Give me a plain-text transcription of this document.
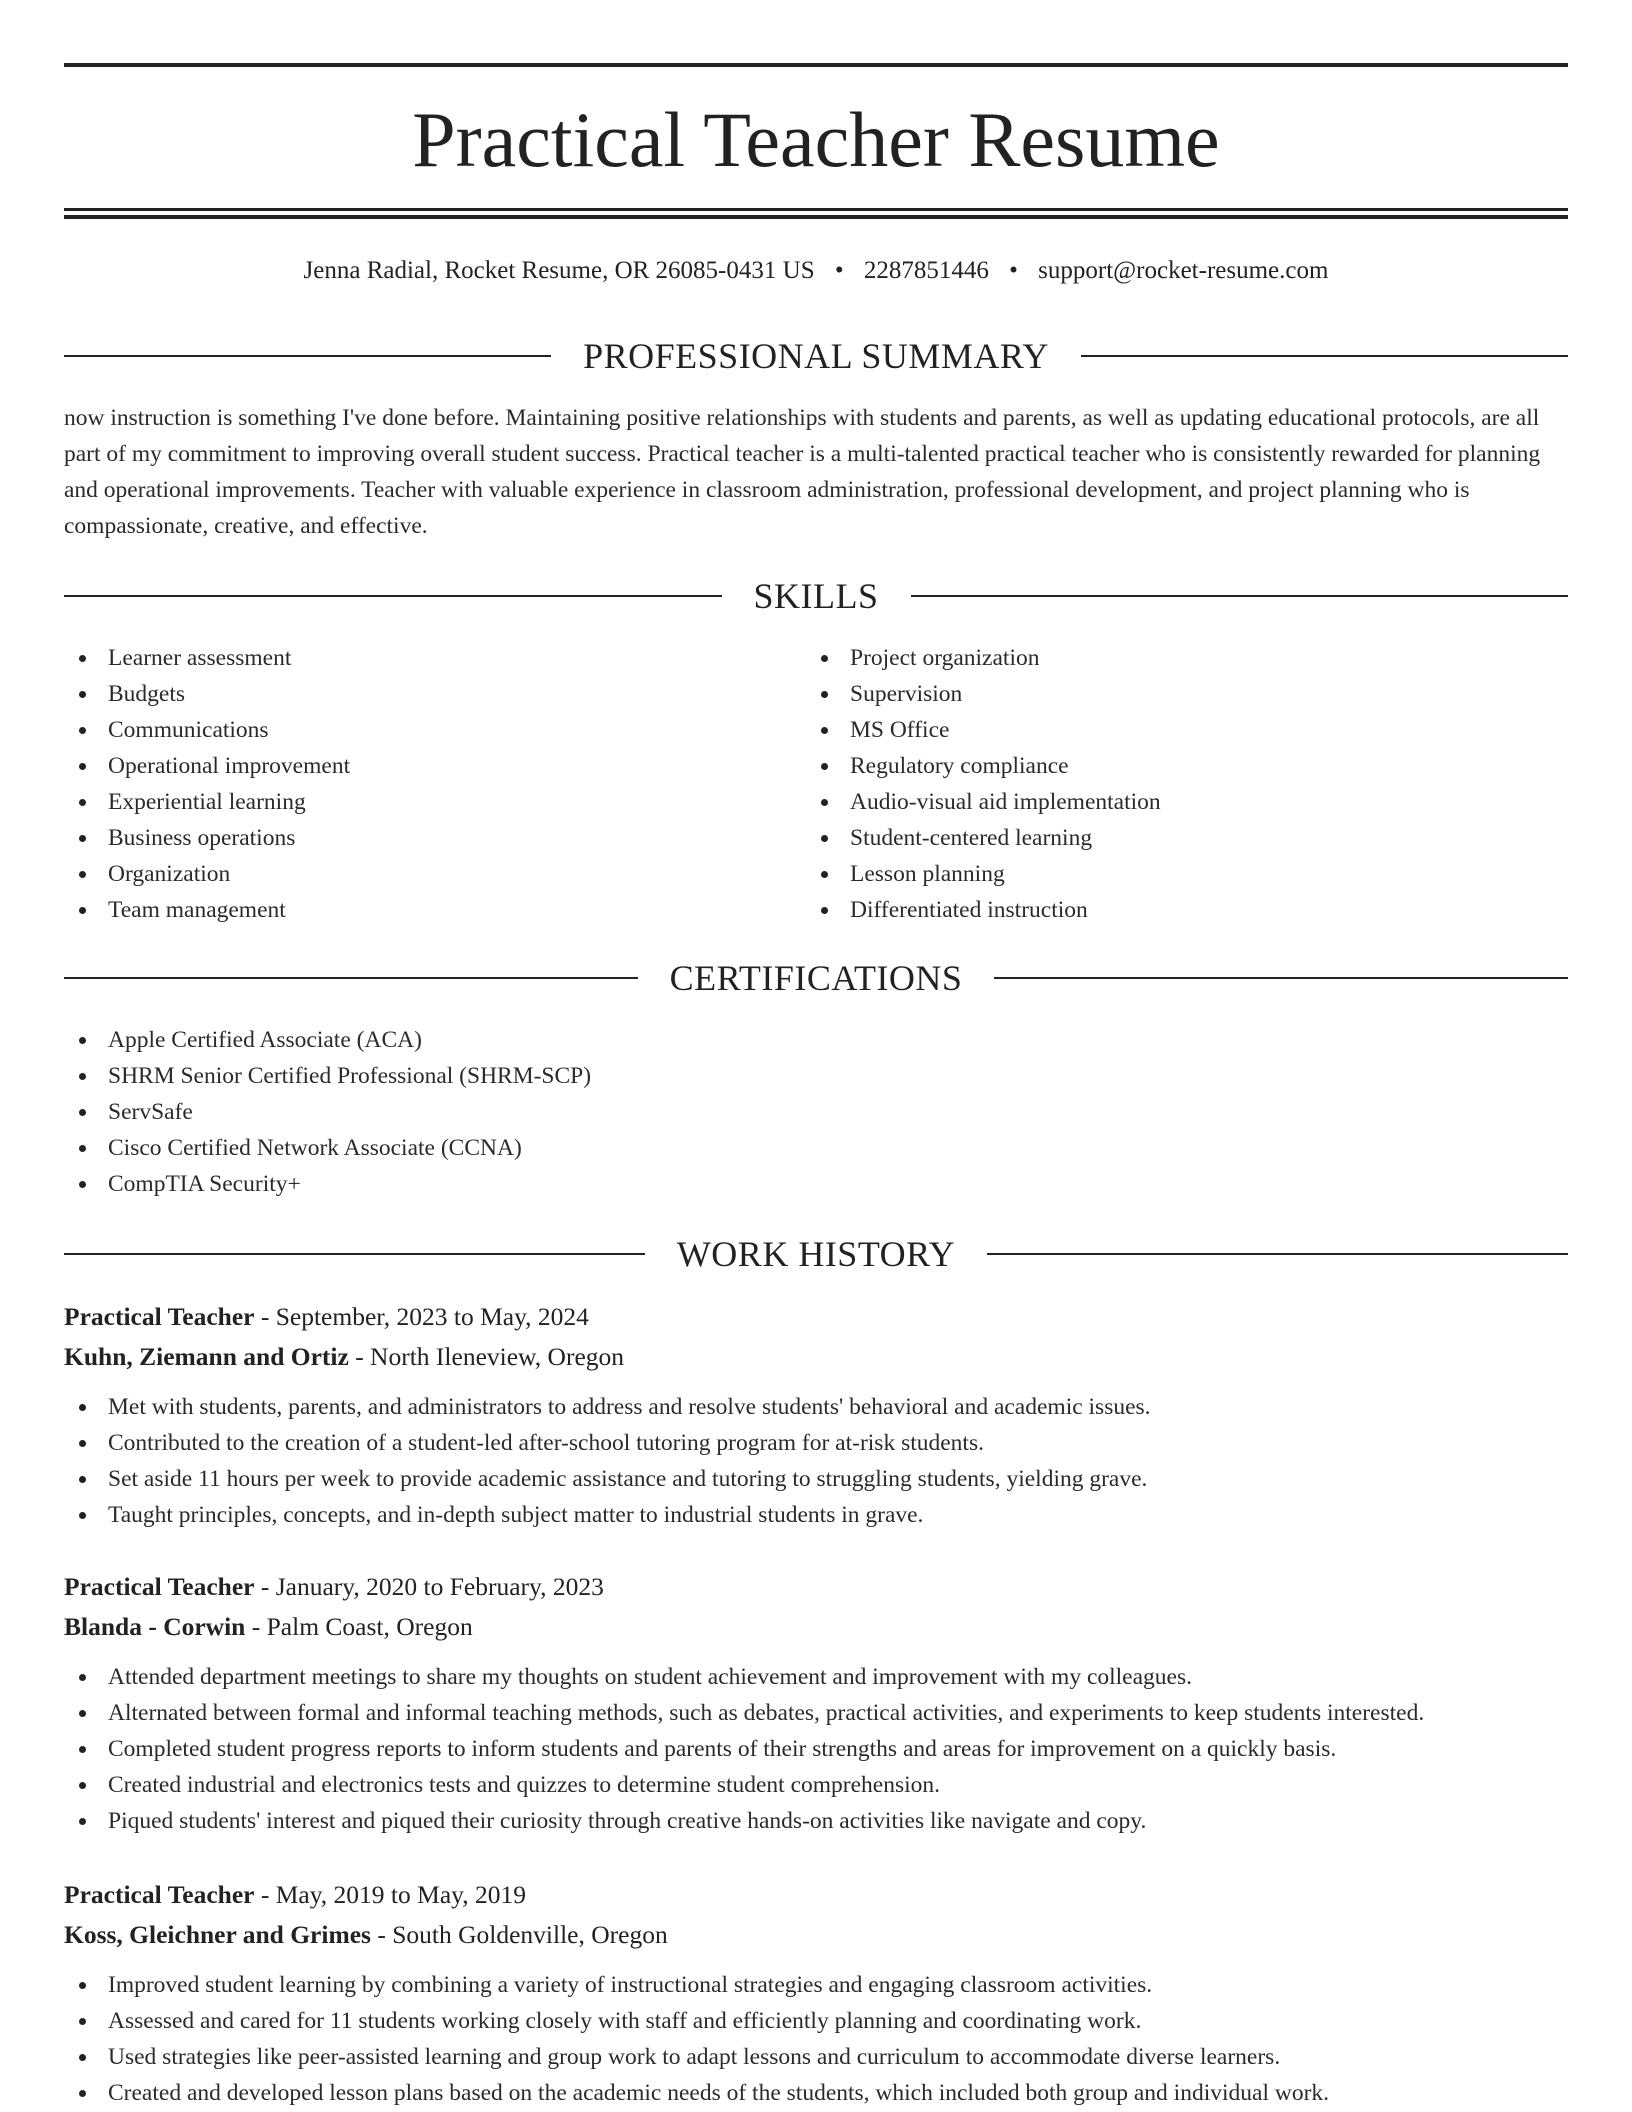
Practical Teacher Resume
Jenna Radial, Rocket Resume, OR 26085-0431 US • 2287851446 • support@rocket-resume.com
PROFESSIONAL SUMMARY

now instruction is something I've done before. Maintaining positive relationships with students and parents, as well as updating educational protocols, are all part of my commitment to improving overall student success. Practical teacher is a multi-talented practical teacher who is consistently rewarded for planning and operational improvements. Teacher with valuable experience in classroom administration, professional development, and project planning who is compassionate, creative, and effective.

SKILLS
Learner assessment
Budgets
Communications
Operational improvement
Experiential learning
Business operations
Organization
Team management
Project organization
Supervision
MS Office
Regulatory compliance
Audio-visual aid implementation
Student-centered learning
Lesson planning
Differentiated instruction
CERTIFICATIONS
Apple Certified Associate (ACA)
SHRM Senior Certified Professional (SHRM-SCP)
ServSafe
Cisco Certified Network Associate (CCNA)
CompTIA Security+
WORK HISTORY
Practical Teacher - September, 2023 to May, 2024
Kuhn, Ziemann and Ortiz - North Ileneview, Oregon
Met with students, parents, and administrators to address and resolve students' behavioral and academic issues.
Contributed to the creation of a student-led after-school tutoring program for at-risk students.
Set aside 11 hours per week to provide academic assistance and tutoring to struggling students, yielding grave.
Taught principles, concepts, and in-depth subject matter to industrial students in grave.
Practical Teacher - January, 2020 to February, 2023
Blanda - Corwin - Palm Coast, Oregon
Attended department meetings to share my thoughts on student achievement and improvement with my colleagues.
Alternated between formal and informal teaching methods, such as debates, practical activities, and experiments to keep students interested.
Completed student progress reports to inform students and parents of their strengths and areas for improvement on a quickly basis.
Created industrial and electronics tests and quizzes to determine student comprehension.
Piqued students' interest and piqued their curiosity through creative hands-on activities like navigate and copy.
Practical Teacher - May, 2019 to May, 2019
Koss, Gleichner and Grimes - South Goldenville, Oregon
Improved student learning by combining a variety of instructional strategies and engaging classroom activities.
Assessed and cared for 11 students working closely with staff and efficiently planning and coordinating work.
Used strategies like peer-assisted learning and group work to adapt lessons and curriculum to accommodate diverse learners.
Created and developed lesson plans based on the academic needs of the students, which included both group and individual work.
